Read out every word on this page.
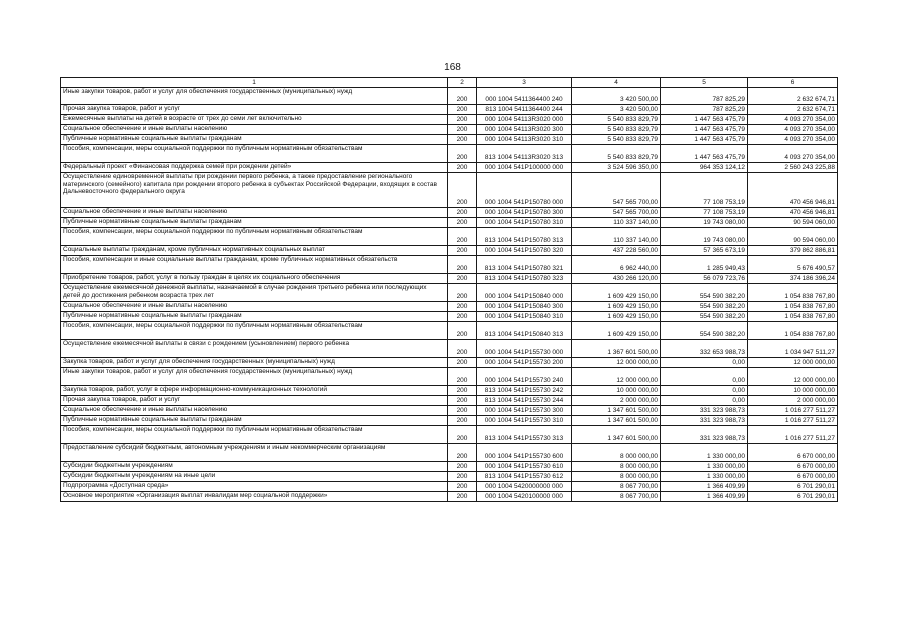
168
1	2	3	4	5	6
Иные закупки товаров, работ и услуг для обеспечения государственных (муниципальных) нужд	200	000 1004 5411364400 240	3 420 500,00	787 825,29	2 632 674,71
Прочая закупка товаров, работ и услуг	200	813 1004 5411364400 244	3 420 500,00	787 825,29	2 632 674,71
Ежемесячные выплаты на детей в возрасте от трех до семи лет включительно	200	000 1004 54113R3020 000	5 540 833 829,79	1 447 563 475,79	4 093 270 354,00
Социальное обеспечение и иные выплаты населению	200	000 1004 54113R3020 300	5 540 833 829,79	1 447 563 475,79	4 093 270 354,00
Публичные нормативные социальные выплаты гражданам	200	000 1004 54113R3020 310	5 540 833 829,79	1 447 563 475,79	4 093 270 354,00
Пособия, компенсации, меры социальной поддержки по публичным нормативным обязательствам	200	813 1004 54113R3020 313	5 540 833 829,79	1 447 563 475,79	4 093 270 354,00
Федеральный проект «Финансовая поддержка семей при рождении детей»	200	000 1004 541P100000 000	3 524 596 350,00	964 353 124,12	2 560 243 225,88
Осуществление единовременной выплаты при рождении первого ребенка, а также предоставление регионального материнского (семейного) капитала при рождении второго ребенка в субъектах Российской Федерации, входящих в состав Дальневосточного федерального округа	200	000 1004 541P150780 000	547 565 700,00	77 108 753,19	470 456 946,81
Социальное обеспечение и иные выплаты населению	200	000 1004 541P150780 300	547 565 700,00	77 108 753,19	470 456 946,81
Публичные нормативные социальные выплаты гражданам	200	000 1004 541P150780 310	110 337 140,00	19 743 080,00	90 594 060,00
Пособия, компенсации, меры социальной поддержки по публичным нормативным обязательствам	200	813 1004 541P150780 313	110 337 140,00	19 743 080,00	90 594 060,00
Социальные выплаты гражданам, кроме публичных нормативных социальных выплат	200	000 1004 541P150780 320	437 228 560,00	57 365 673,19	379 862 886,81
Пособия, компенсации и иные социальные выплаты гражданам, кроме публичных нормативных обязательств	200	813 1004 541P150780 321	6 962 440,00	1 285 949,43	5 676 490,57
Приобретение товаров, работ, услуг в пользу граждан в целях их социального обеспечения	200	813 1004 541P150780 323	430 266 120,00	56 079 723,76	374 186 396,24
Осуществление ежемесячной денежной выплаты, назначаемой в случае рождения третьего ребенка или последующих детей до достижения ребенком возраста трех лет	200	000 1004 541P150840 000	1 609 429 150,00	554 590 382,20	1 054 838 767,80
Социальное обеспечение и иные выплаты населению	200	000 1004 541P150840 300	1 609 429 150,00	554 590 382,20	1 054 838 767,80
Публичные нормативные социальные выплаты гражданам	200	000 1004 541P150840 310	1 609 429 150,00	554 590 382,20	1 054 838 767,80
Пособия, компенсации, меры социальной поддержки по публичным нормативным обязательствам	200	813 1004 541P150840 313	1 609 429 150,00	554 590 382,20	1 054 838 767,80
Осуществление ежемесячной выплаты в связи с рождением (усыновлением) первого ребенка	200	000 1004 541P155730 000	1 367 601 500,00	332 653 988,73	1 034 947 511,27
Закупка товаров, работ и услуг для обеспечения государственных (муниципальных) нужд	200	000 1004 541P155730 200	12 000 000,00	0,00	12 000 000,00
Иные закупки товаров, работ и услуг для обеспечения государственных (муниципальных) нужд	200	000 1004 541P155730 240	12 000 000,00	0,00	12 000 000,00
Закупка товаров, работ, услуг в сфере информационно-коммуникационных технологий	200	813 1004 541P155730 242	10 000 000,00	0,00	10 000 000,00
Прочая закупка товаров, работ и услуг	200	813 1004 541P155730 244	2 000 000,00	0,00	2 000 000,00
Социальное обеспечение и иные выплаты населению	200	000 1004 541P155730 300	1 347 601 500,00	331 323 988,73	1 016 277 511,27
Публичные нормативные социальные выплаты гражданам	200	000 1004 541P155730 310	1 347 601 500,00	331 323 988,73	1 016 277 511,27
Пособия, компенсации, меры социальной поддержки по публичным нормативным обязательствам	200	813 1004 541P155730 313	1 347 601 500,00	331 323 988,73	1 016 277 511,27
Предоставление субсидий бюджетным, автономным учреждениям и иным некоммерческим организациям	200	000 1004 541P155730 600	8 000 000,00	1 330 000,00	6 670 000,00
Субсидии бюджетным учреждениям	200	000 1004 541P155730 610	8 000 000,00	1 330 000,00	6 670 000,00
Субсидии бюджетным учреждениям на иные цели	200	813 1004 541P155730 612	8 000 000,00	1 330 000,00	6 670 000,00
Подпрограмма «Доступная среда»	200	000 1004 5420000000 000	8 067 700,00	1 366 409,99	6 701 290,01
Основное мероприятие «Организация выплат инвалидам мер социальной поддержки»	200	000 1004 5420100000 000	8 067 700,00	1 366 409,99	6 701 290,01
